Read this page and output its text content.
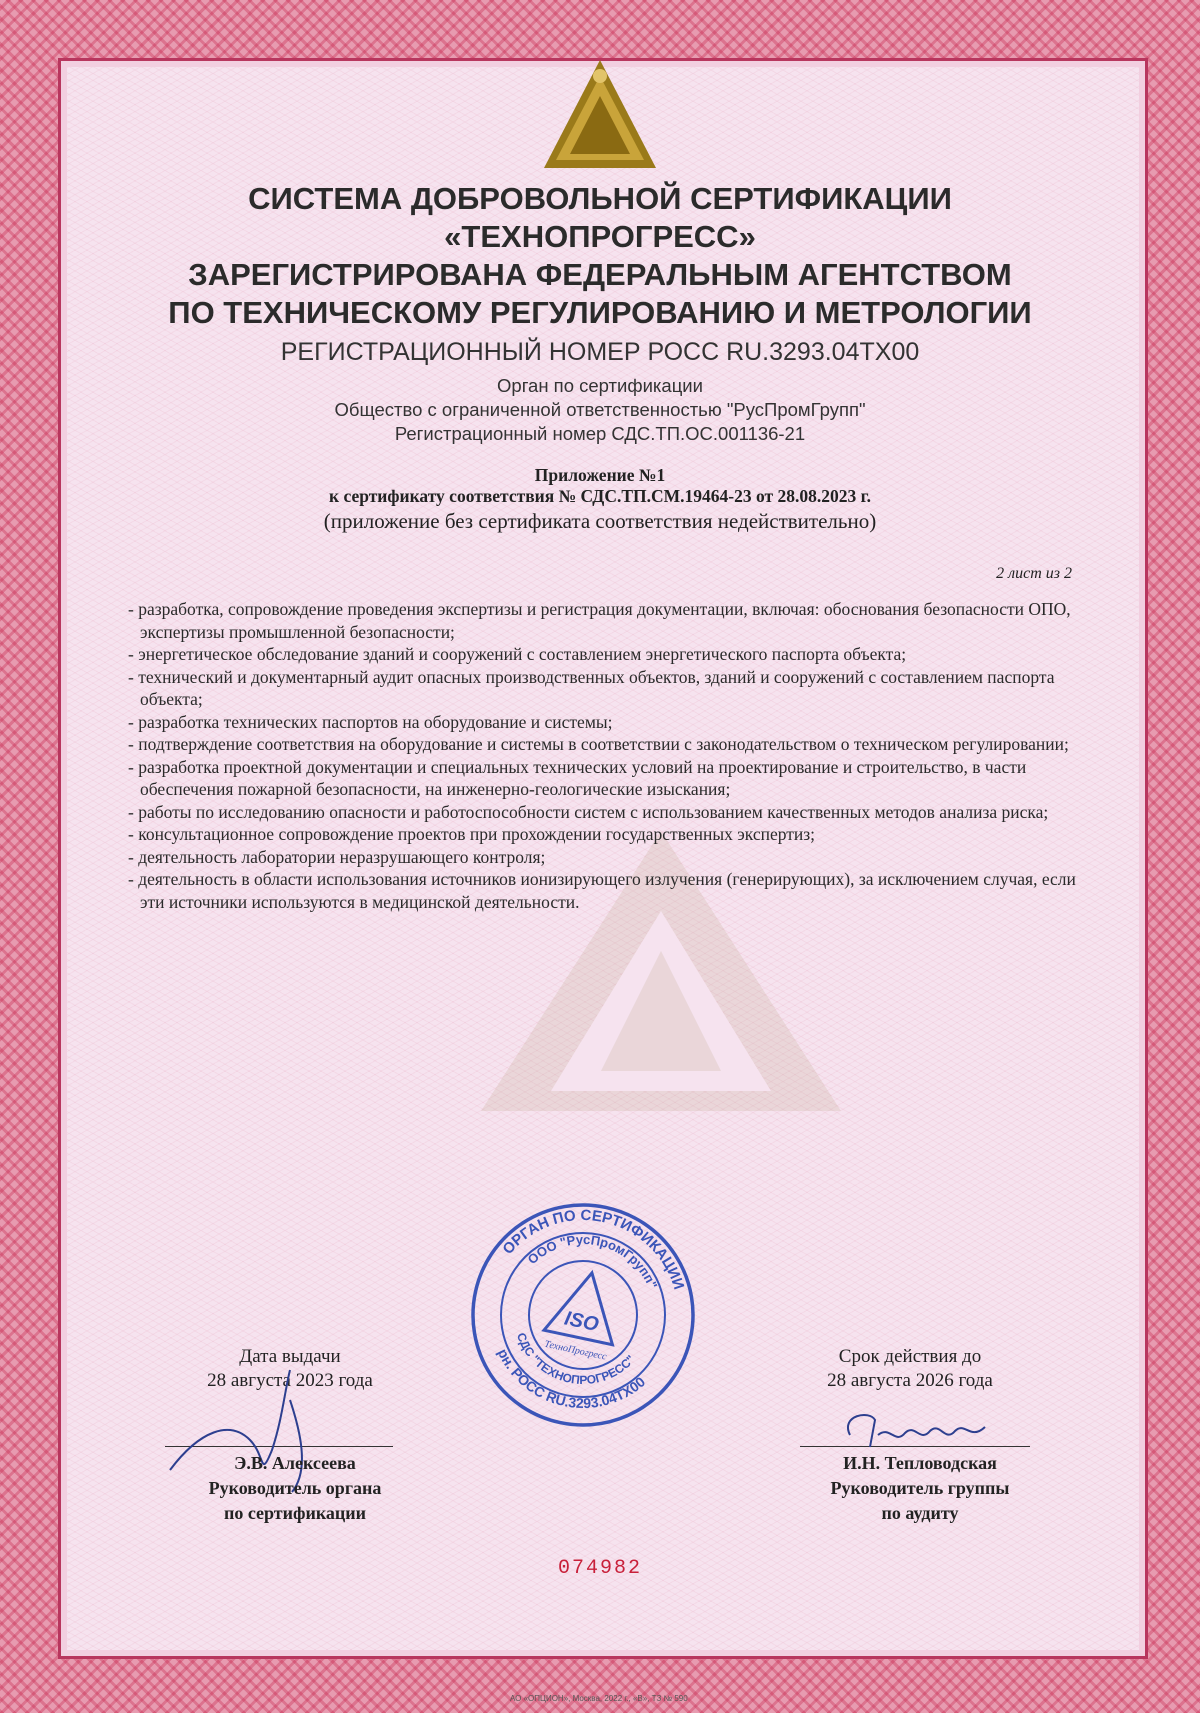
СИСТЕМА ДОБРОВОЛЬНОЙ СЕРТИФИКАЦИИ

«ТЕХНОПРОГРЕСС»

ЗАРЕГИСТРИРОВАНА ФЕДЕРАЛЬНЫМ АГЕНТСТВОМ

ПО ТЕХНИЧЕСКОМУ РЕГУЛИРОВАНИЮ И МЕТРОЛОГИИ

РЕГИСТРАЦИОННЫЙ НОМЕР РОСС RU.3293.04ТХ00
Орган по сертификации
Общество с ограниченной ответственностью "РусПромГрупп"
Регистрационный номер СДС.ТП.ОС.001136-21
Приложение №1
к сертификату соответствия № СДС.ТП.СМ.19464-23 от 28.08.2023 г.
(приложение без сертификата соответствия недействительно)
2 лист из 2
- разработка, сопровождение проведения экспертизы и регистрация документации, включая: обоснования безопасности ОПО, экспертизы промышленной безопасности;
- энергетическое обследование зданий и сооружений с составлением энергетического паспорта объекта;
- технический и документарный аудит опасных производственных объектов, зданий и сооружений с составлением паспорта объекта;
- разработка технических паспортов на оборудование и системы;
- подтверждение соответствия на оборудование и системы в соответствии с законодательством о техническом регулировании;
- разработка проектной документации и специальных технических условий на проектирование и строительство, в части обеспечения пожарной безопасности, на инженерно-геологические изыскания;
- работы по исследованию опасности и работоспособности систем с использованием качественных методов анализа риска;
- консультационное сопровождение проектов при прохождении государственных экспертиз;
- деятельность лаборатории неразрушающего контроля;
- деятельность в области использования источников ионизирующего излучения (генерирующих), за исключением случая, если эти источники используются в медицинской деятельности.
ОРГАН ПО СЕРТИФИКАЦИИ
рн. РОСС RU.3293.04ТХ00
ООО "РусПромГрупп"
СДС "ТЕХНОПРОГРЕСС"
ISO
ТехноПрогресс
Дата выдачи
28 августа 2023 года
Э.В. Алексеева
Руководитель органа
по сертификации
Срок действия до
28 августа 2026 года
И.Н. Тепловодская
Руководитель группы
по аудиту
074982
АО «ОПЦИОН», Москва, 2022 г., «В», ТЗ № 590
